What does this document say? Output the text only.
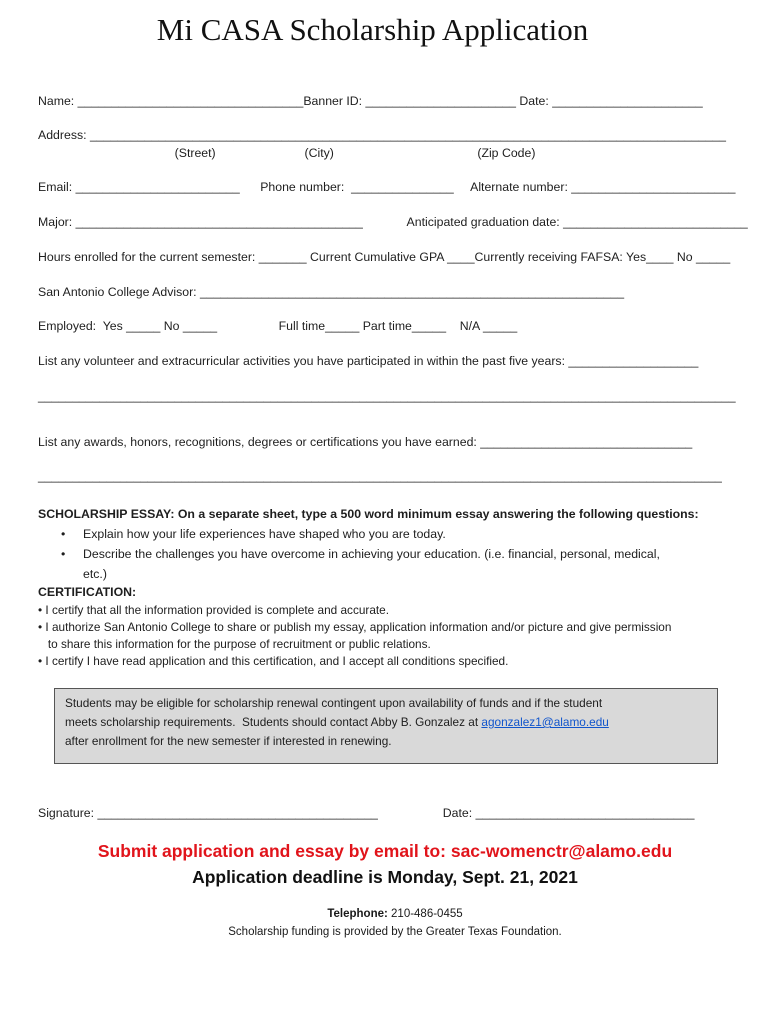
Mi CASA Scholarship Application
Name: _________________________________Banner ID: ______________________ Date: ______________________
Address: _____________________________________________________________________________________________
(Street)                          (City)                                          (Zip Code)
Email: ________________________      Phone number:  _______________     Alternate number: ________________________
Major: __________________________________________             Anticipated graduation date: ___________________________
Hours enrolled for the current semester: _______ Current Cumulative GPA ____Currently receiving FAFSA: Yes____ No _____
San Antonio College Advisor: ______________________________________________________________
Employed:  Yes _____ No _____                  Full time_____ Part time_____    N/A _____
List any volunteer and extracurricular activities you have participated in within the past five years: ___________________
______________________________________________________________________________________________________
List any awards, honors, recognitions, degrees or certifications you have earned: _______________________________
____________________________________________________________________________________________________
SCHOLARSHIP ESSAY: On a separate sheet, type a 500 word minimum essay answering the following questions:
• Explain how your life experiences have shaped who you are today.
• Describe the challenges you have overcome in achieving your education. (i.e. financial, personal, medical,
etc.)
CERTIFICATION:
• I certify that all the information provided is complete and accurate.
• I authorize San Antonio College to share or publish my essay, application information and/or picture and give permission
to share this information for the purpose of recruitment or public relations.
• I certify I have read application and this certification, and I accept all conditions specified.
Students may be eligible for scholarship renewal contingent upon availability of funds and if the student
meets scholarship requirements.  Students should contact Abby B. Gonzalez at agonzalez1@alamo.edu
after enrollment for the new semester if interested in renewing.
Signature: _________________________________________                   Date: ________________________________
Submit application and essay by email to: sac-womenctr@alamo.edu
Application deadline is Monday, Sept. 21, 2021
Telephone: 210-486-0455
Scholarship funding is provided by the Greater Texas Foundation.
